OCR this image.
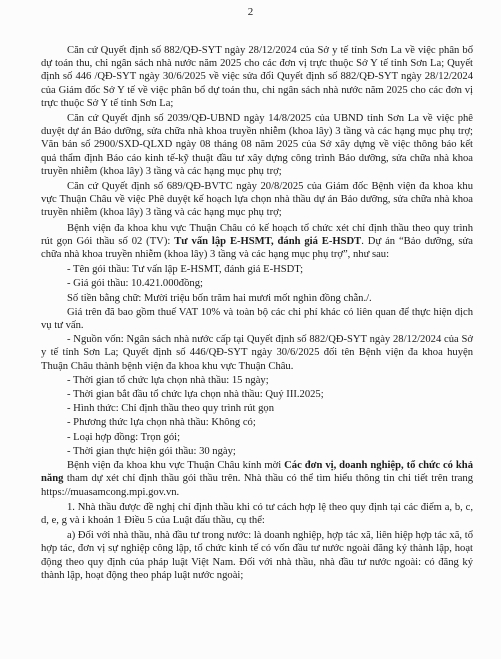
2

Căn cứ Quyết định số 882/QĐ-SYT ngày 28/12/2024 của Sở y tế tỉnh Sơn La về việc phân bổ dự toán thu, chi ngân sách nhà nước năm 2025 cho các đơn vị trực thuộc Sở Y tế tỉnh Sơn La; Quyết định số 446 /QĐ-SYT ngày 30/6/2025 về việc sửa đổi Quyết định số 882/QĐ-SYT ngày 28/12/2024 của Giám đốc Sở Y tế về việc phân bổ dự toán thu, chi ngân sách nhà nước năm 2025 cho các đơn vị trực thuộc Sở Y tế tỉnh Sơn La;

Căn cứ Quyết định số 2039/QĐ-UBND ngày 14/8/2025 của UBND tỉnh Sơn La về việc phê duyệt dự án Bảo dưỡng, sửa chữa nhà khoa truyền nhiễm (khoa lây) 3 tầng và các hạng mục phụ trợ; Văn bản số 2900/SXD-QLXD ngày 08 tháng 08 năm 2025 của Sở xây dựng về việc thông báo kết quả thẩm định Báo cáo kinh tế-kỹ thuật đầu tư xây dựng công trình Bảo dưỡng, sửa chữa nhà khoa truyền nhiễm (khoa lây) 3 tầng và các hạng mục phụ trợ;

Căn cứ Quyết định số 689/QĐ-BVTC ngày 20/8/2025 của Giám đốc Bệnh viện đa khoa khu vực Thuận Châu về việc Phê duyệt kế hoạch lựa chọn nhà thầu dự án Bảo dưỡng, sửa chữa nhà khoa truyền nhiễm (khoa lây) 3 tầng và các hạng mục phụ trợ;

Bệnh viện đa khoa khu vực Thuận Châu có kế hoạch tổ chức xét chỉ định thầu theo quy trình rút gọn Gói thầu số 02 (TV): Tư vấn lập E-HSMT, đánh giá E-HSDT. Dự án “Bảo dưỡng, sửa chữa nhà khoa truyền nhiễm (khoa lây) 3 tầng và các hạng mục phụ trợ”, như sau:

- Tên gói thầu: Tư vấn lập E-HSMT, đánh giá E-HSDT;

- Giá gói thầu: 10.421.000đồng;

Số tiền bằng chữ: Mười triệu bốn trăm hai mươi mốt nghìn đồng chẵn./.

Giá trên đã bao gồm thuế VAT 10% và toàn bộ các chi phí khác có liên quan để thực hiện dịch vụ tư vấn.

- Nguồn vốn: Ngân sách nhà nước cấp tại Quyết định số 882/QĐ-SYT ngày 28/12/2024 của Sở y tế tỉnh Sơn La; Quyết định số 446/QĐ-SYT ngày 30/6/2025 đối tên Bệnh viện đa khoa huyện Thuận Châu thành bệnh viện đa khoa khu vực Thuận Châu.

- Thời gian tổ chức lựa chọn nhà thầu: 15 ngày;

- Thời gian bắt đầu tổ chức lựa chọn nhà thầu: Quý III.2025;

- Hình thức: Chỉ định thầu theo quy trình rút gọn

- Phương thức lựa chọn nhà thầu: Không có;

- Loại hợp đồng: Trọn gói;

- Thời gian thực hiện gói thầu: 30 ngày;

Bệnh viện đa khoa khu vực Thuận Châu kính mời Các đơn vị, doanh nghiệp, tổ chức có khả năng tham dự xét chỉ định thầu gói thầu trên. Nhà thầu có thể tìm hiểu thông tin chi tiết trên trang https://muasamcong.mpi.gov.vn.

1. Nhà thầu được đề nghị chỉ định thầu khi có tư cách hợp lệ theo quy định tại các điểm a, b, c, d, e, g và i khoản 1 Điều 5 của Luật đấu thầu, cụ thể:

a) Đối với nhà thầu, nhà đầu tư trong nước: là doanh nghiệp, hợp tác xã, liên hiệp hợp tác xã, tổ hợp tác, đơn vị sự nghiệp công lập, tổ chức kinh tế có vốn đầu tư nước ngoài đăng ký thành lập, hoạt động theo quy định của pháp luật Việt Nam. Đối với nhà thầu, nhà đầu tư nước ngoài: có đăng ký thành lập, hoạt động theo pháp luật nước ngoài;
